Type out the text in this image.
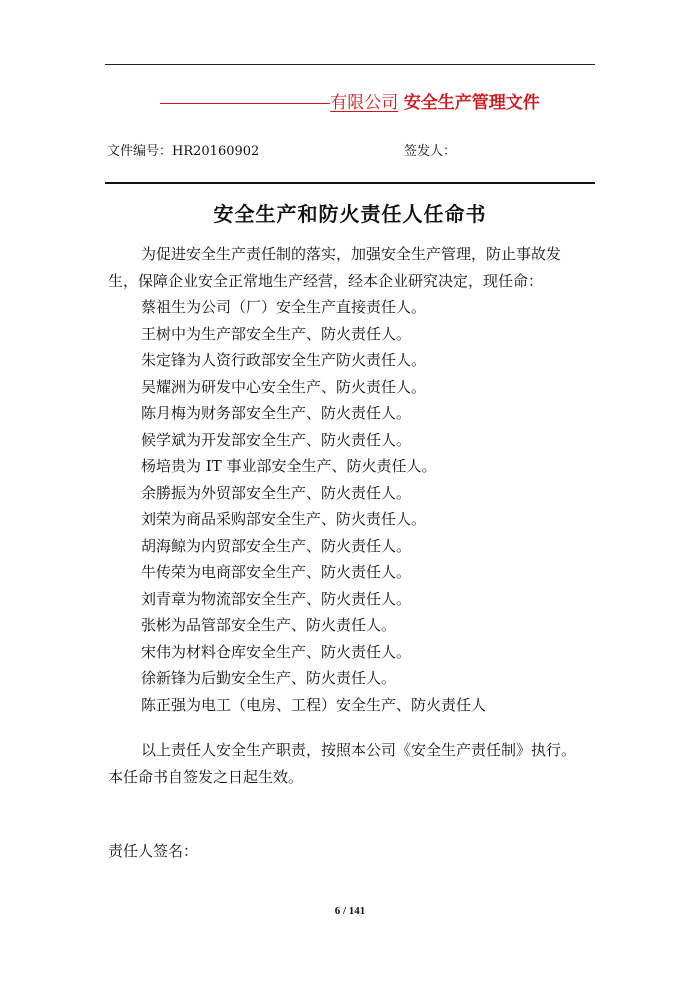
有限公司 安全生产管理文件
文件编号：HR20160902	签发人：
安全生产和防火责任人任命书
为促进安全生产责任制的落实，加强安全生产管理，防止事故发
生，保障企业安全正常地生产经营，经本企业研究决定，现任命：
蔡祖生为公司（厂）安全生产直接责任人。
王树中为生产部安全生产、防火责任人。
朱定锋为人资行政部安全生产防火责任人。
吴耀洲为研发中心安全生产、防火责任人。
陈月梅为财务部安全生产、防火责任人。
候学斌为开发部安全生产、防火责任人。
杨培贵为 IT 事业部安全生产、防火责任人。
余勝振为外贸部安全生产、防火责任人。
刘荣为商品采购部安全生产、防火责任人。
胡海鲸为内贸部安全生产、防火责任人。
牛传荣为电商部安全生产、防火责任人。
刘青章为物流部安全生产、防火责任人。
张彬为品管部安全生产、防火责任人。
宋伟为材料仓库安全生产、防火责任人。
徐新锋为后勤安全生产、防火责任人。
陈正强为电工（电房、工程）安全生产、防火责任人
以上责任人安全生产职责，按照本公司《安全生产责任制》执行。
本任命书自签发之日起生效。
责任人签名：
6 / 141
